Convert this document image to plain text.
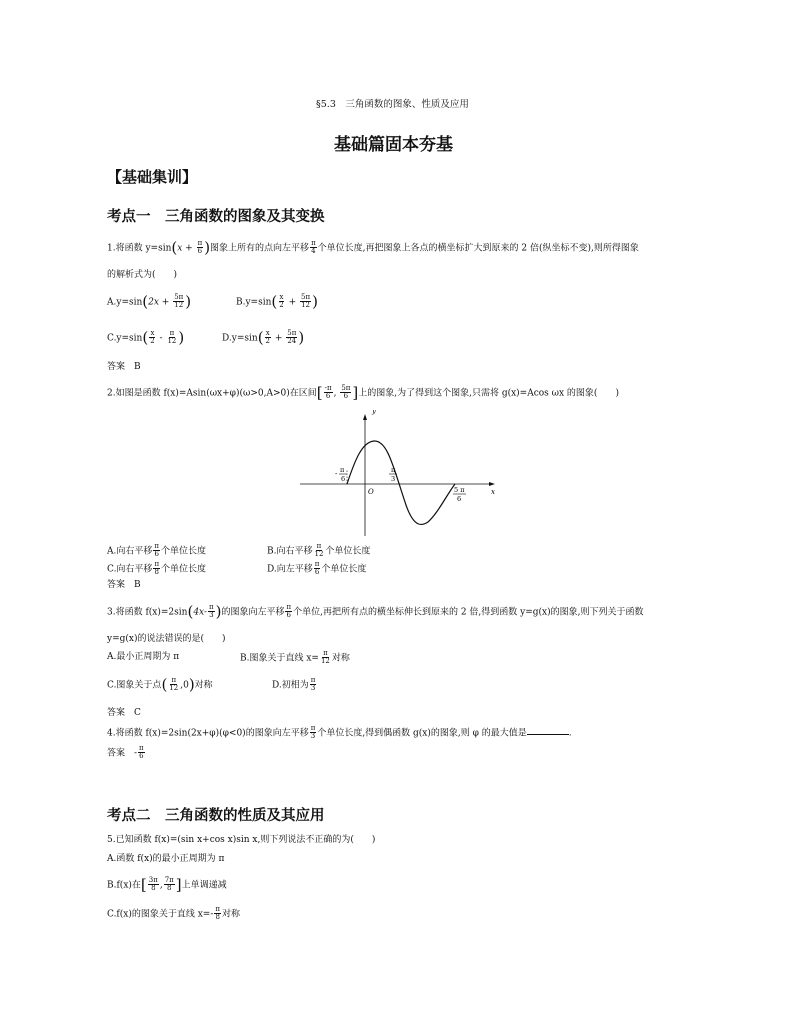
§5.3　三角函数的图象、性质及应用
基础篇固本夯基
【基础集训】
考点一　三角函数的图象及其变换
1.将函数 $y=\sin(x + \frac{\pi}{6}$ )图象上所有的点向左平移 $\frac{\pi}{4}$ 个单位长度,再把图象上各点的横坐标扩大到原来的 2 倍(纵坐标不变),则所得图象
的解析式为(　　)
$A.y=\sin(2x + \frac{5\pi}{12}$ )	$B.y=\sin( \frac{x}{2} + \frac{5\pi}{12}$ )
$C.y=\sin( \frac{x}{2} - \frac{\pi}{12}$ )	$D.y=\sin( \frac{x}{2} + \frac{5\pi}{24}$ )
答案　B
2.如图是函数 f(x)=Asin(ωx+φ)(ω>0,A>0)在区间[ $\frac{-\pi}{6}$ , $\frac{5\pi}{6}$ ]上的图象,为了得到这个图象,只需将 g(x)=Acos ωx 的图象(　　)
y
x
O
- π
6
π
3
5 π
6
A.向右平移 $\frac{\pi}{6}$ 个单位长度	B.向右平移 $\frac{\pi}{12}$ 个单位长度
C.向右平移 $\frac{\pi}{8}$ 个单位长度	D.向左平移 $\frac{\pi}{6}$ 个单位长度
答案　B
3.将函数 $f(x)=2\sin(4x- \frac{\pi}{3}$ )的图象向左平移 $\frac{\pi}{6}$ 个单位,再把所有点的横坐标伸长到原来的 2 倍,得到函数 y=g(x)的图象,则下列关于函数
y=g(x)的说法错误的是(　　)
A.最小正周期为 π	B.图象关于直线 $x= \frac{\pi}{12}$ 对称
C.图象关于点( $\frac{\pi}{12} ,0$)对称	D.初相为 $\frac{\pi}{3}$
答案　C
4.将函数 f(x)=2sin(2x+φ)(φ<0)的图象向左平移 $\frac{\pi}{3}$ 个单位长度,得到偶函数 g(x)的图象,则 φ 的最大值是	.
答案　- $\frac{\pi}{6}$
考点二　三角函数的性质及其应用
5.已知函数 f(x)=(sin x+cos x)sin x,则下列说法不正确的为(　　)
A.函数 f(x)的最小正周期为 π
B.f(x)在[ $\frac{3\pi}{8}$ , $\frac{7\pi}{8}$ ]上单调递减
C.f(x)的图象关于直线 $x=- \frac{\pi}{8}$ 对称
